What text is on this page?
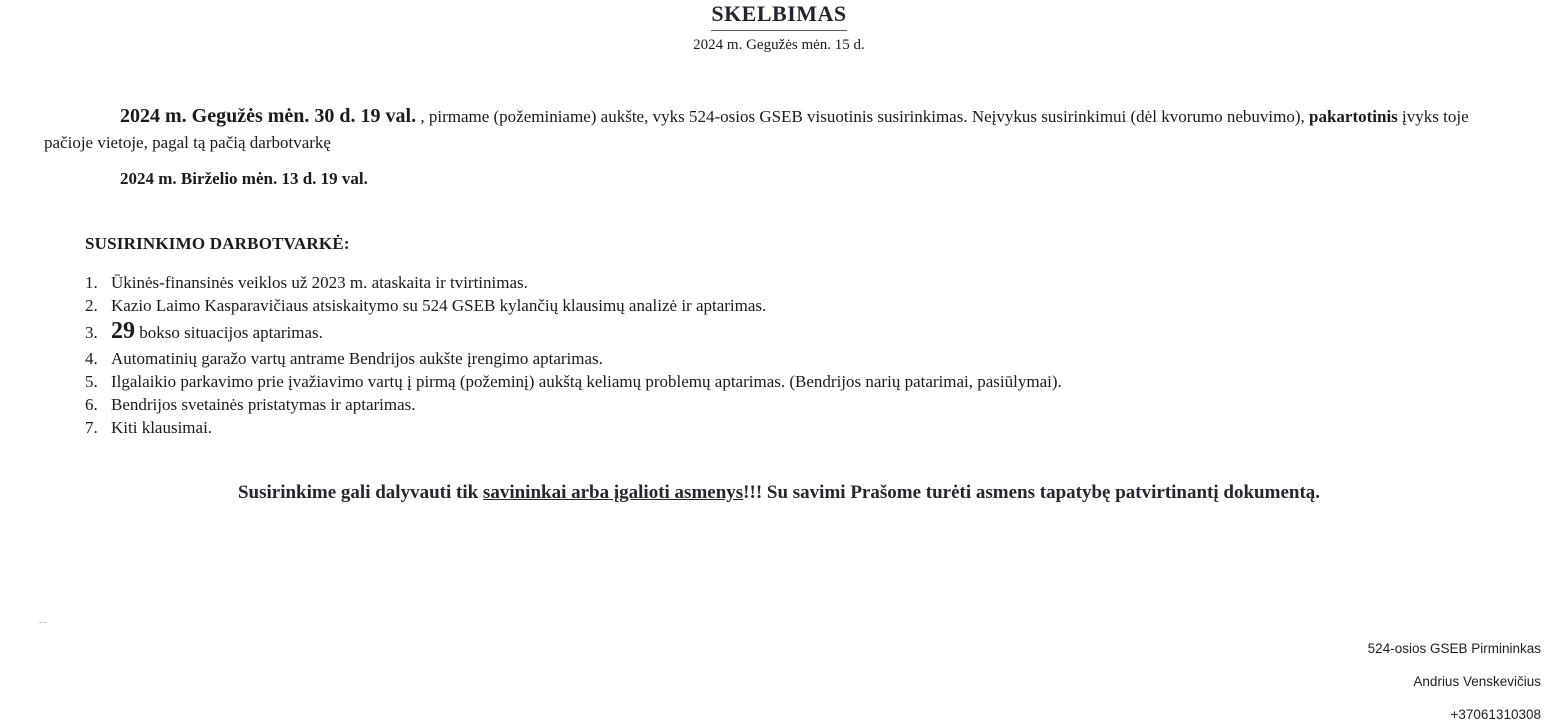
SKELBIMAS
2024 m. Gegužės mėn. 15 d.

2024 m. Gegužės mėn. 30 d. 19 val. , pirmame (požeminiame) aukšte, vyks 524-osios GSEB visuotinis susirinkimas. Neįvykus susirinkimui (dėl kvorumo nebuvimo), pakartotinis įvyks toje pačioje vietoje, pagal tą pačią darbotvarkę

2024 m. Birželio mėn. 13 d. 19 val.
SUSIRINKIMO DARBOTVARKĖ:
1. Ūkinės-finansinės veiklos už 2023 m. ataskaita ir tvirtinimas.
2. Kazio Laimo Kasparavičiaus atsiskaitymo su 524 GSEB kylančių klausimų analizė ir aptarimas.
3. 29 bokso situacijos aptarimas.
4. Automatinių garažo vartų antrame Bendrijos aukšte įrengimo aptarimas.
5. Ilgalaikio parkavimo prie įvažiavimo vartų į pirmą (požeminį) aukštą keliamų problemų aptarimas. (Bendrijos narių patarimai, pasiūlymai).
6. Bendrijos svetainės pristatymas ir aptarimas.
7. Kiti klausimai.
Susirinkime gali dalyvauti tik savininkai arba įgalioti asmenys!!! Su savimi Prašome turėti asmens tapatybę patvirtinantį dokumentą.
--
524-osios GSEB Pirmininkas
Andrius Venskevičius
+37061310308
